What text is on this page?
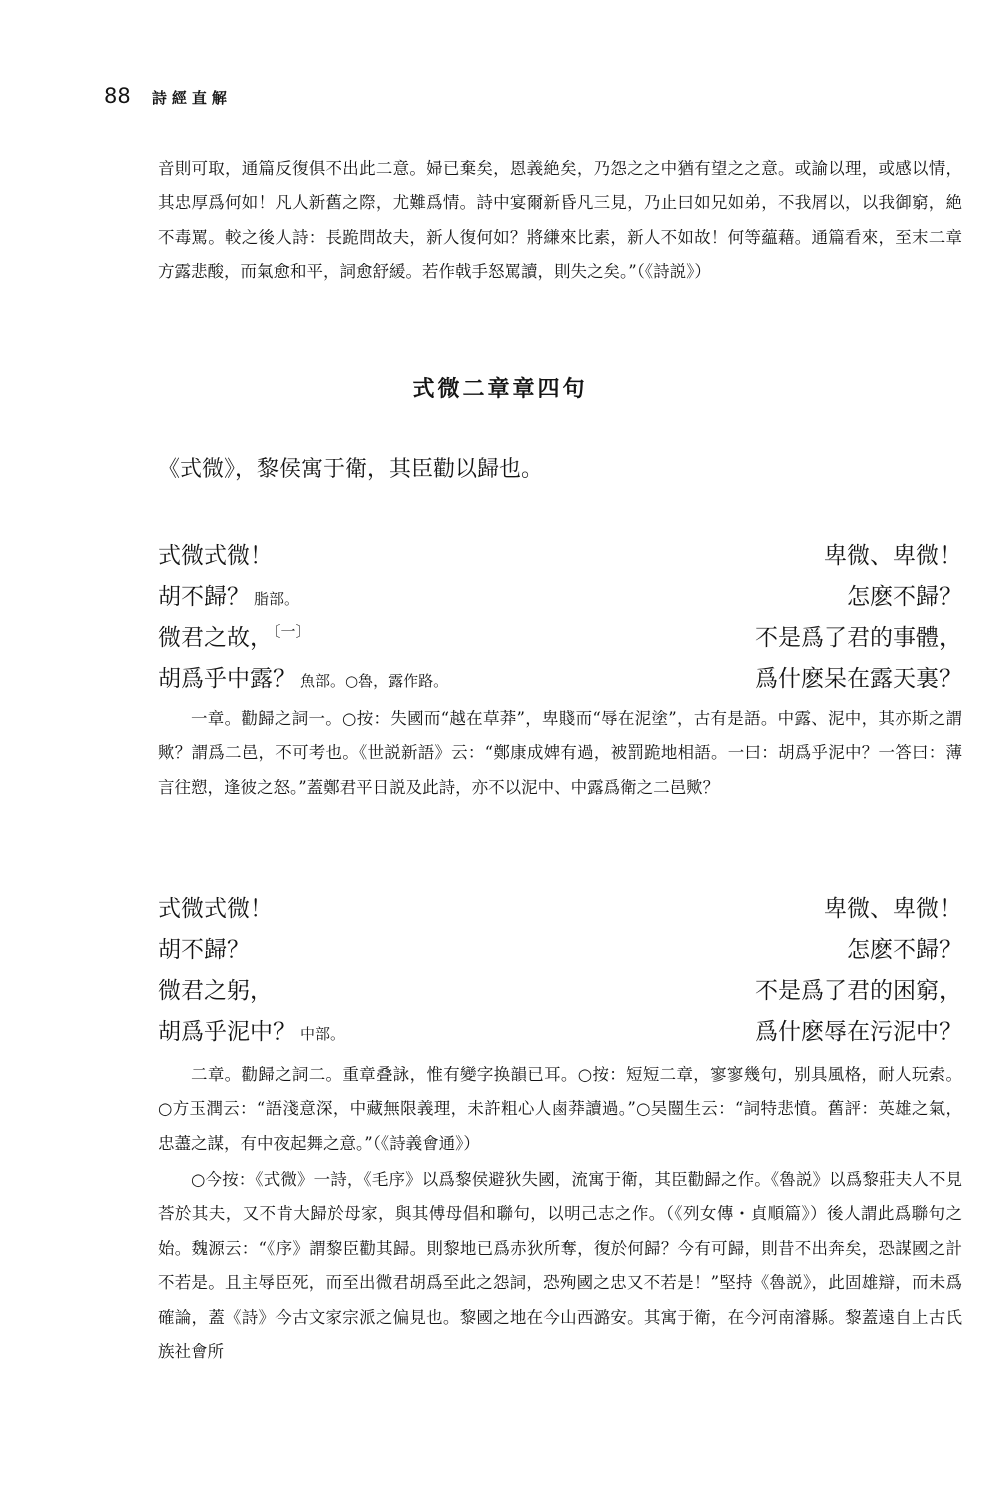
88 詩經直解

音則可取，通篇反復俱不出此二意。婦已棄矣，恩義絶矣，乃怨之之中猶有望之之意。或諭以理，或感以情，其忠厚爲何如！凡人新舊之際，尤難爲情。詩中宴爾新昏凡三見，乃止曰如兄如弟，不我屑以，以我御窮，絶不毒罵。較之後人詩：長跪問故夫，新人復何如？將縑來比素，新人不如故！何等藴藉。通篇看來，至末二章方露悲酸，而氣愈和平，詞愈舒緩。若作戟手怒罵讀，則失之矣。”（《詩説》）

式微二章章四句
《式微》，黎侯寓于衛，其臣勸以歸也。
式微式微！	卑微、卑微！
胡不歸？ 脂部。	怎麽不歸？
微君之故，$^{〔一〕}$	不是爲了君的事體，
胡爲乎中露？ 魚部。○魯，露作路。	爲什麽呆在露天裏？

一章。勸歸之詞一。○按：失國而“越在草莽”，卑賤而“辱在泥塗”，古有是語。中露、泥中，其亦斯之謂歟？謂爲二邑，不可考也。《世説新語》云：“鄭康成婢有過，被罰跪地相語。一曰：胡爲乎泥中？一答曰：薄言往愬，逢彼之怒。”蓋鄭君平日説及此詩，亦不以泥中、中露爲衛之二邑歟？

式微式微！	卑微、卑微！
胡不歸？	怎麽不歸？
微君之躬，	不是爲了君的困窮，
胡爲乎泥中？ 中部。	爲什麽辱在污泥中？

二章。勸歸之詞二。重章叠詠，惟有變字换韻已耳。○按：短短二章，寥寥幾句，别具風格，耐人玩索。○方玉潤云：“語淺意深，中藏無限義理，未許粗心人鹵莽讀過。”○吴闓生云：“詞特悲憤。舊評：英雄之氣，忠藎之謀，有中夜起舞之意。”（《詩義會通》）

○今按：《式微》一詩，《毛序》以爲黎侯避狄失國，流寓于衛，其臣勸歸之作。《魯説》以爲黎莊夫人不見荅於其夫，又不肯大歸於母家，與其傅母倡和聯句，以明己志之作。（《列女傳・貞順篇》）後人謂此爲聯句之始。魏源云：“《序》謂黎臣勸其歸。則黎地已爲赤狄所奪，復於何歸？今有可歸，則昔不出奔矣，恐謀國之計不若是。且主辱臣死，而至出微君胡爲至此之怨詞，恐殉國之忠又不若是！”堅持《魯説》，此固雄辯，而未爲確論，蓋《詩》今古文家宗派之偏見也。黎國之地在今山西潞安。其寓于衛，在今河南濬縣。黎蓋遠自上古氏族社會所
